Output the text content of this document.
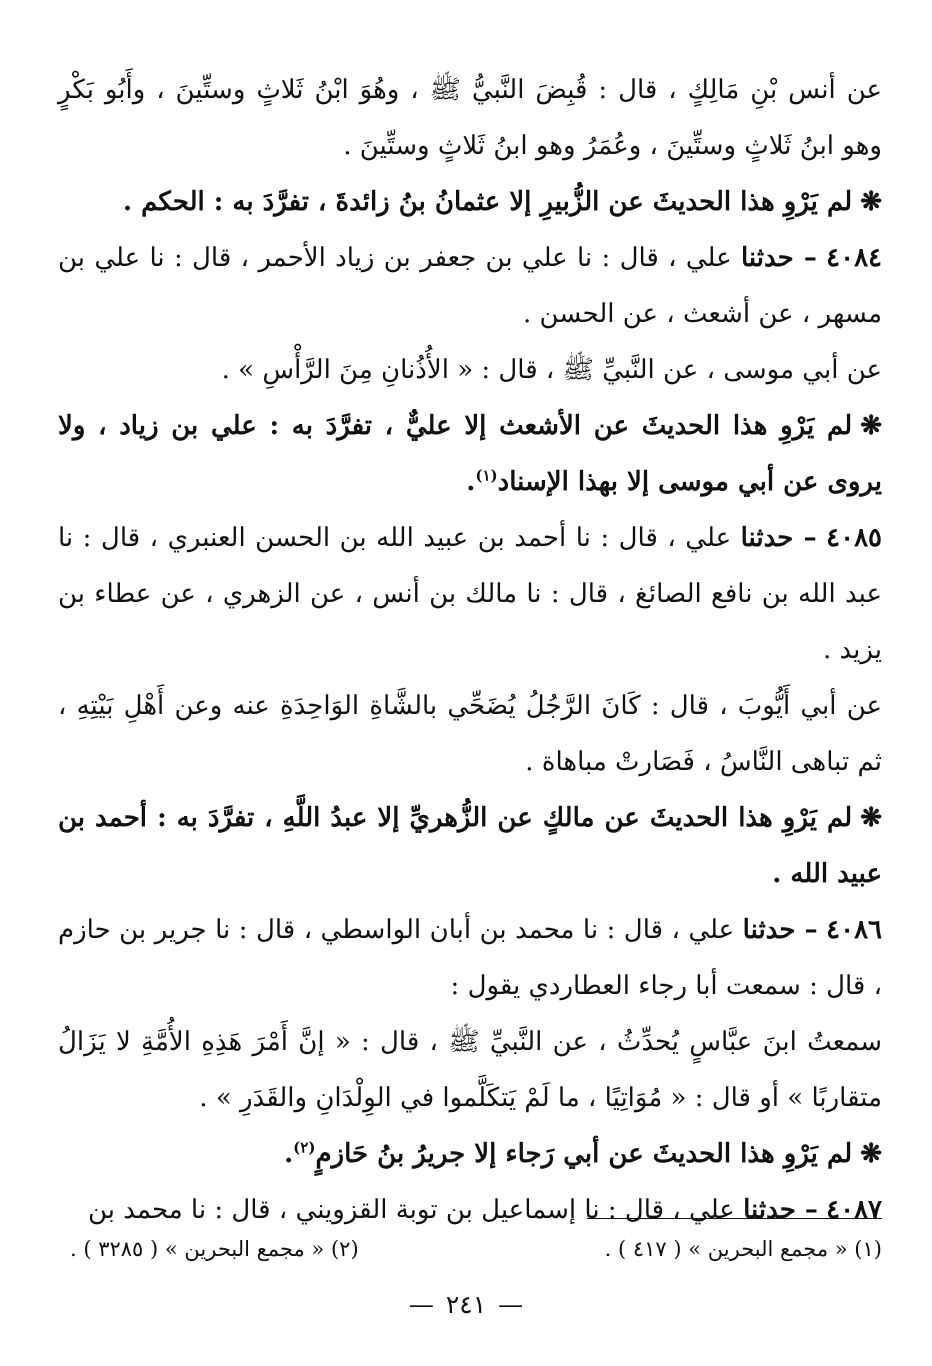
عن أنس بْنِ مَالِكٍ ، قال : قُبِضَ النَّبيُّ ﷺ ، وهُوَ ابْنُ ثَلاثٍ وستِّينَ ، وأَبُو بَكْرٍ وهو ابنُ ثَلاثٍ وستِّينَ ، وعُمَرُ وهو ابنُ ثَلاثٍ وستِّينَ .

❋لم يَرْوِ هذا الحديثَ عن الزُّبيرِ إلا عثمانُ بنُ زائدةَ ، تفرَّدَ به : الحكم .

٤٠٨٤ – حدثنا علي ، قال : نا علي بن جعفر بن زياد الأحمر ، قال : نا علي بن مسهر ، عن أشعث ، عن الحسن .

عن أبي موسى ، عن النَّبيِّ ﷺ ، قال : « الأُذُنانِ مِنَ الرَّأْسِ » .

❋لم يَرْوِ هذا الحديثَ عن الأشعث إلا عليٌّ ، تفرَّدَ به : علي بن زياد ، ولا يروى عن أبي موسى إلا بهذا الإسناد$^{(١)}$.

٤٠٨٥ – حدثنا علي ، قال : نا أحمد بن عبيد الله بن الحسن العنبري ، قال : نا عبد الله بن نافع الصائغ ، قال : نا مالك بن أنس ، عن الزهري ، عن عطاء بن يزيد .

عن أبي أَيُّوبَ ، قال : كَانَ الرَّجُلُ يُضَحِّي بالشَّاةِ الوَاحِدَةِ عنه وعن أَهْلِ بَيْتِهِ ، ثم تباهى النَّاسُ ، فَصَارتْ مباهاة .

❋لم يَرْوِ هذا الحديثَ عن مالكٍ عن الزُّهريِّ إلا عبدُ اللَّهِ ، تفرَّدَ به : أحمد بن عبيد الله .

٤٠٨٦ – حدثنا علي ، قال : نا محمد بن أبان الواسطي ، قال : نا جرير بن حازم ، قال : سمعت أبا رجاء العطاردي يقول :

سمعتُ ابنَ عبَّاسٍ يُحدِّثُ ، عن النَّبيِّ ﷺ ، قال : « إنَّ أَمْرَ هَذِهِ الأُمَّةِ لا يَزَالُ متقاربًا » أو قال : « مُوَاتِيًا ، ما لَمْ يَتكَلَّموا في الوِلْدَانِ والقَدَرِ » .

❋لم يَرْوِ هذا الحديثَ عن أبي رَجاء إلا جريرُ بنُ حَازمٍ$^{(٢)}$.

٤٠٨٧ – حدثنا علي ، قال : نا إسماعيل بن توبة القزويني ، قال : نا محمد بن

(١) « مجمع البحرين » ( ٤١٧ ) .
(٢) « مجمع البحرين » ( ٣٢٨٥ ) .
—٢٤١—
